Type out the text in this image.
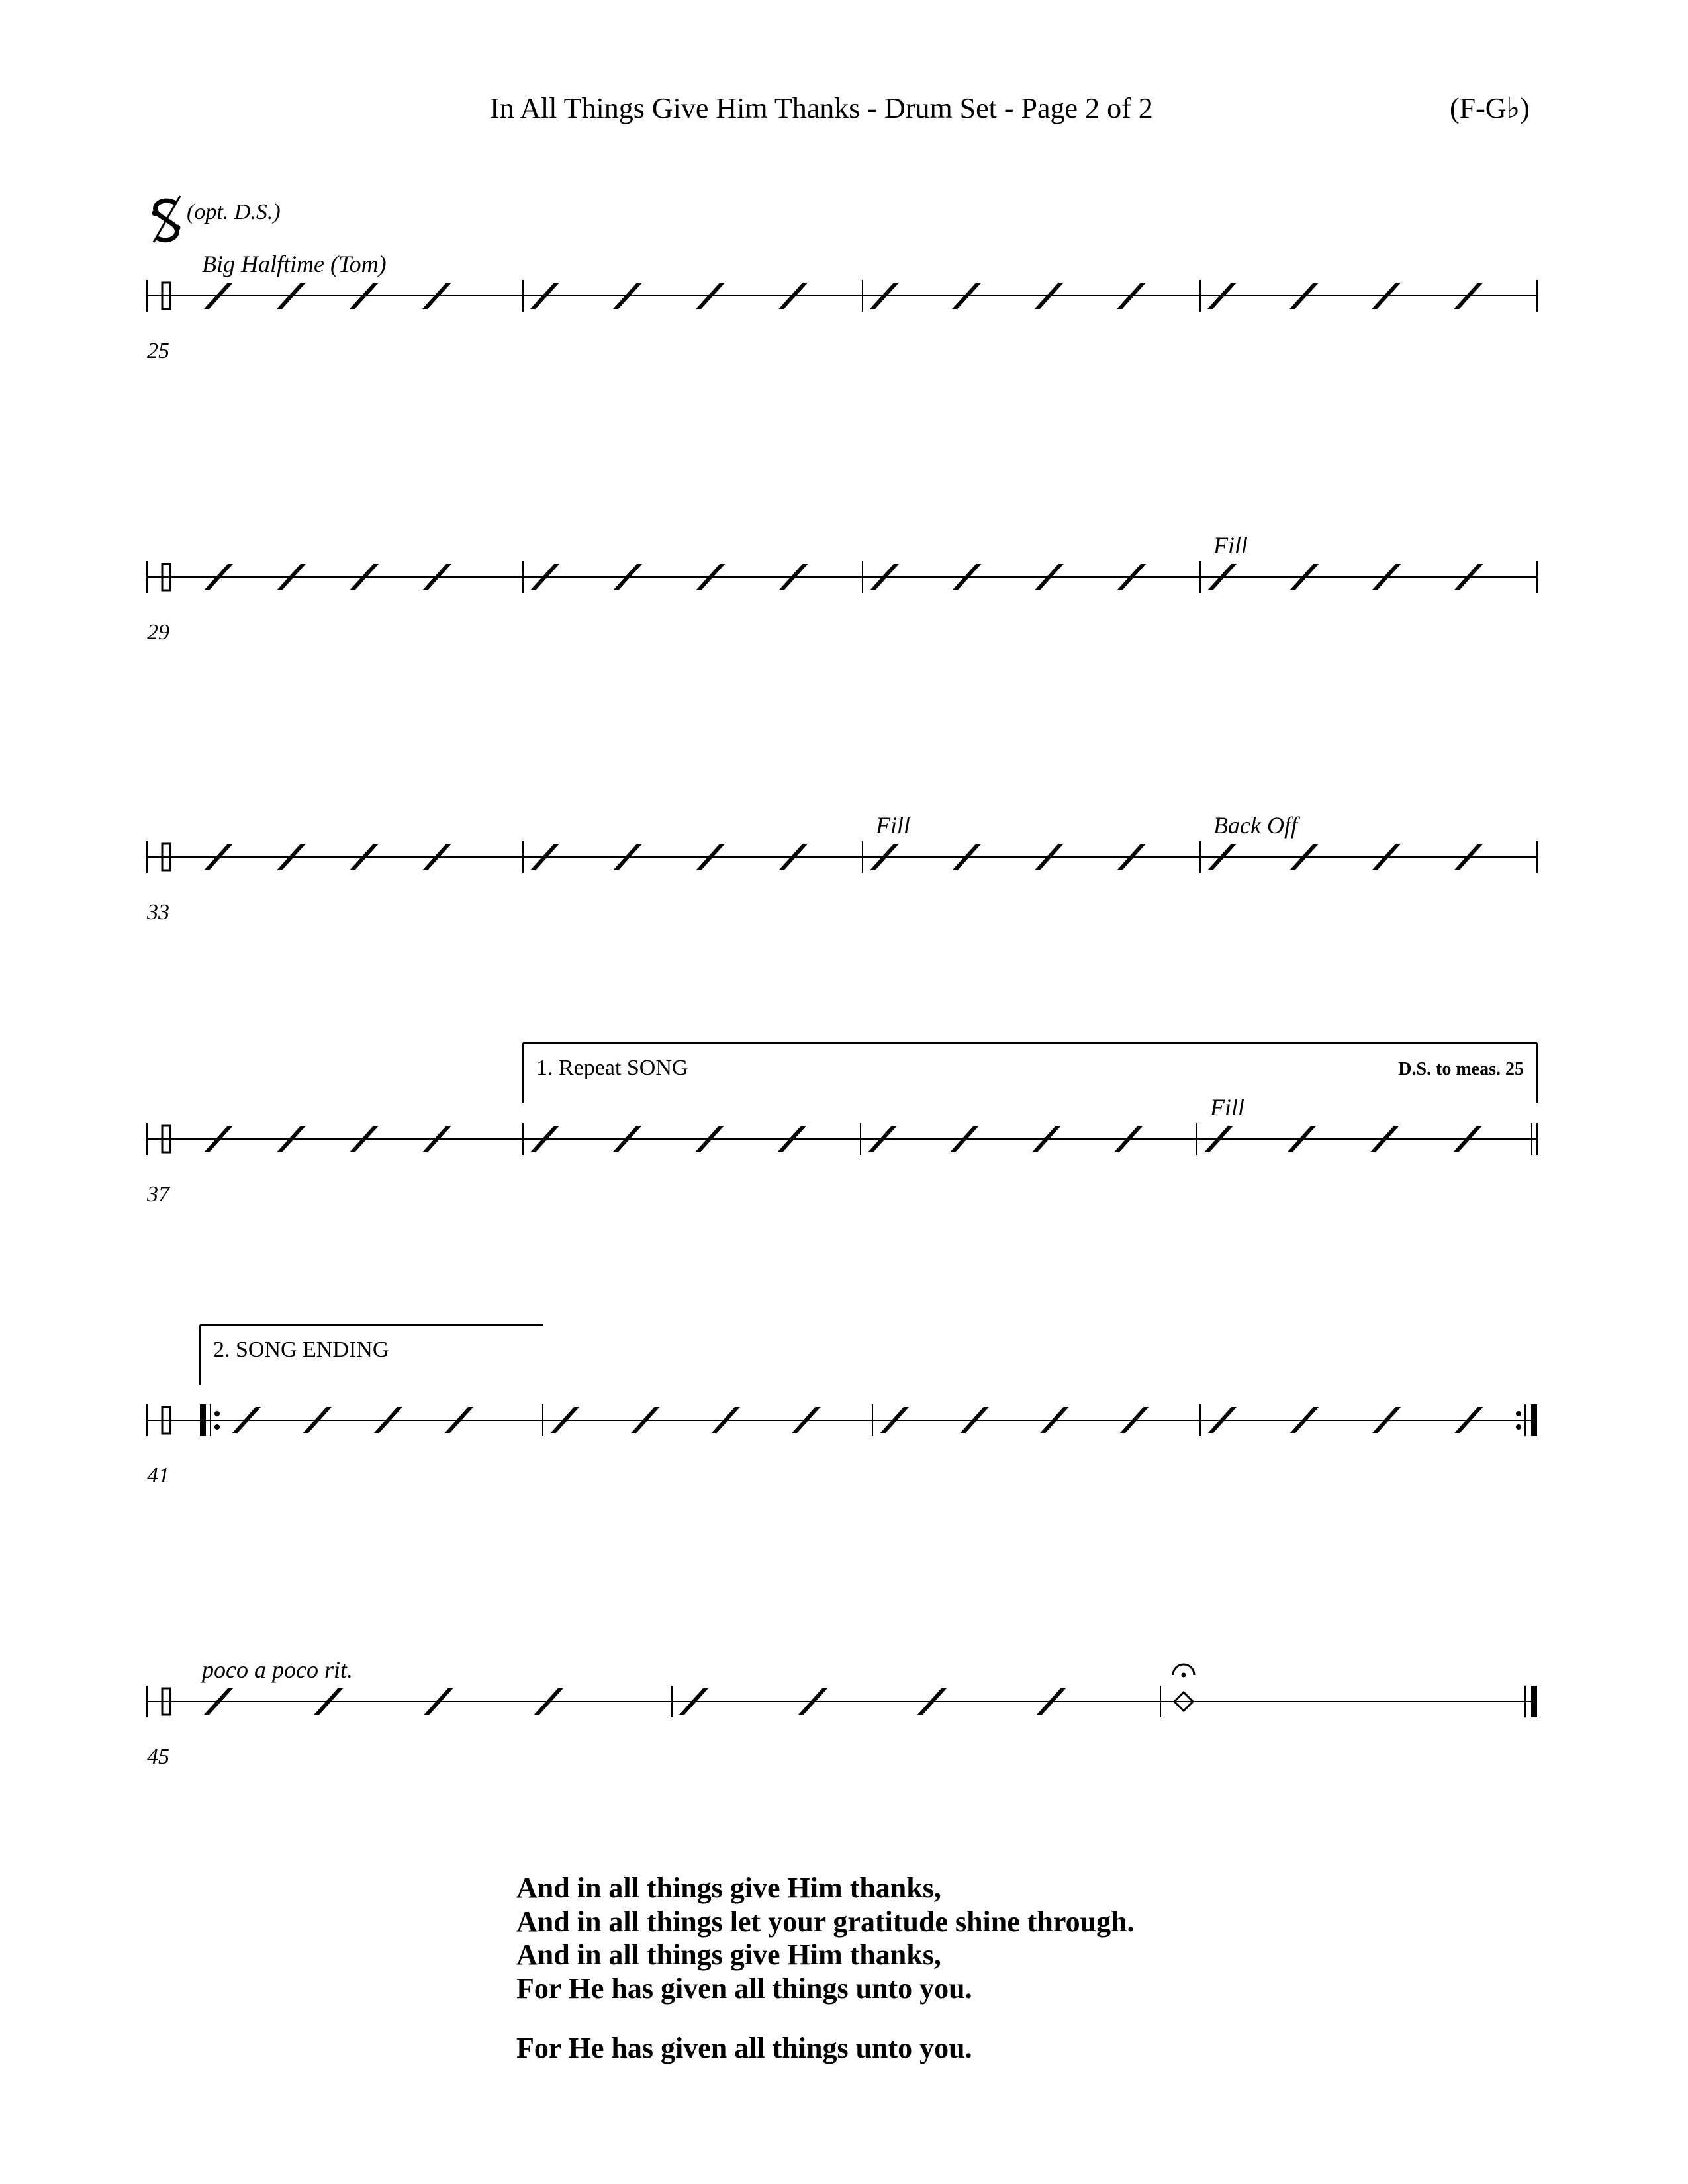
In All Things Give Him Thanks - Drum Set - Page 2 of 2	(F-G♭)
(opt. D.S.)
25
Big Halftime (Tom)
29
Fill
33
Fill	Back Off
37
Fill
1. Repeat SONG	D.S. to meas. 25
41
2. SONG ENDING
45
poco a poco rit.
And in all things give Him thanks,
And in all things let your gratitude shine through.
And in all things give Him thanks,
For He has given all things unto you.
For He has given all things unto you.
